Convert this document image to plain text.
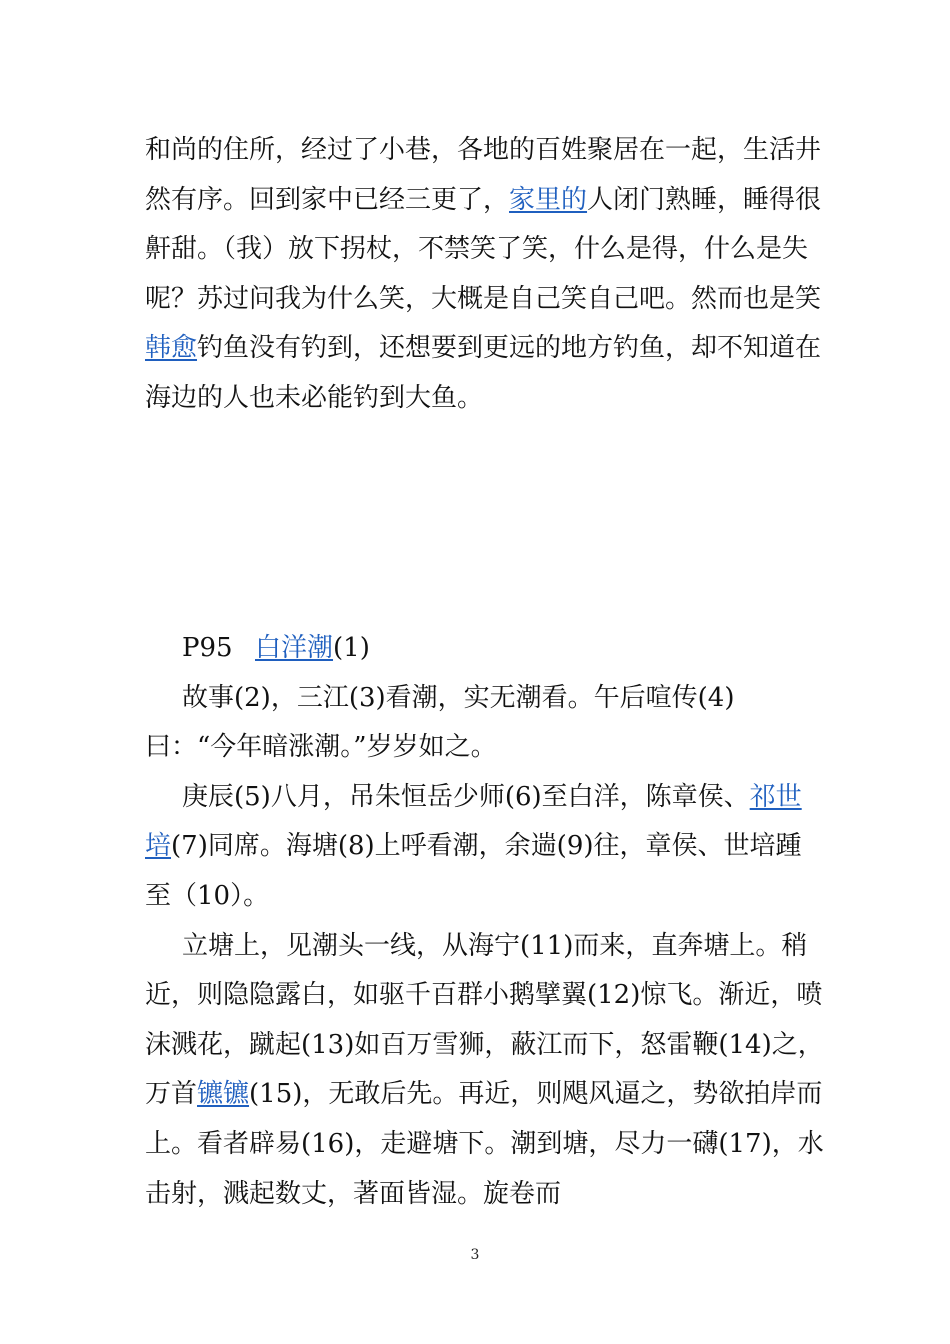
和尚的住所，经过了小巷，各地的百姓聚居在一起，生活井然有序。回到家中已经三更了，家里的人闭门熟睡，睡得很鼾甜。（我）放下拐杖，不禁笑了笑，什么是得，什么是失呢？苏过问我为什么笑，大概是自己笑自己吧。然而也是笑韩愈钓鱼没有钓到，还想要到更远的地方钓鱼，却不知道在海边的人也未必能钓到大鱼。

P95 白洋潮(1)

故事(2)，三江(3)看潮，实无潮看。午后喧传(4)曰：“今年暗涨潮。”岁岁如之。

庚辰(5)八月，吊朱恒岳少师(6)至白洋，陈章侯、祁世培(7)同席。海塘(8)上呼看潮，余遄(9)往，章侯、世培踵至（10）。

立塘上，见潮头一线，从海宁(11)而来，直奔塘上。稍近，则隐隐露白，如驱千百群小鹅擘翼(12)惊飞。渐近，喷沫溅花，蹴起(13)如百万雪狮，蔽江而下，怒雷鞭(14)之，万首镳镳(15)，无敢后先。再近，则飓风逼之，势欲拍岸而上。看者辟易(16)，走避塘下。潮到塘，尽力一礴(17)，水击射，溅起数丈，著面皆湿。旋卷而

3
